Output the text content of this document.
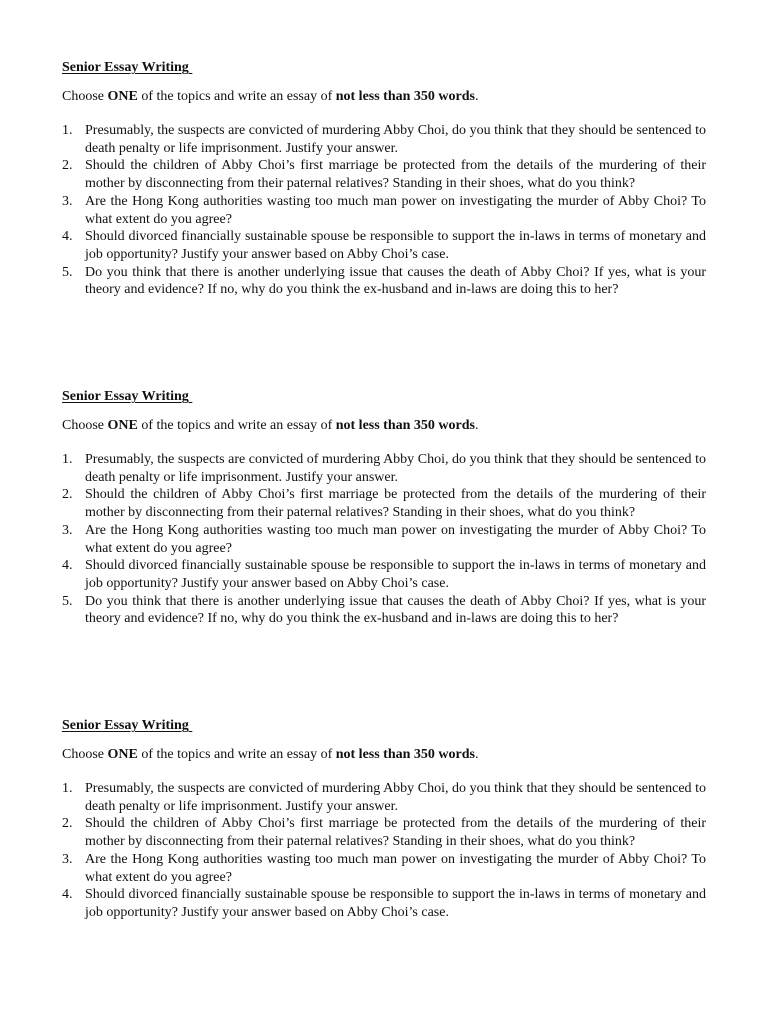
Senior Essay Writing

Choose ONE of the topics and write an essay of not less than 350 words.

1. Presumably, the suspects are convicted of murdering Abby Choi, do you think that they should be sentenced to death penalty or life imprisonment. Justify your answer.
2. Should the children of Abby Choi’s first marriage be protected from the details of the murdering of their mother by disconnecting from their paternal relatives? Standing in their shoes, what do you think?
3. Are the Hong Kong authorities wasting too much man power on investigating the murder of Abby Choi? To what extent do you agree?
4. Should divorced financially sustainable spouse be responsible to support the in-laws in terms of monetary and job opportunity? Justify your answer based on Abby Choi’s case.
5. Do you think that there is another underlying issue that causes the death of Abby Choi? If yes, what is your theory and evidence? If no, why do you think the ex-husband and in-laws are doing this to her?

Senior Essay Writing

Choose ONE of the topics and write an essay of not less than 350 words.

1. Presumably, the suspects are convicted of murdering Abby Choi, do you think that they should be sentenced to death penalty or life imprisonment. Justify your answer.
2. Should the children of Abby Choi’s first marriage be protected from the details of the murdering of their mother by disconnecting from their paternal relatives? Standing in their shoes, what do you think?
3. Are the Hong Kong authorities wasting too much man power on investigating the murder of Abby Choi? To what extent do you agree?
4. Should divorced financially sustainable spouse be responsible to support the in-laws in terms of monetary and job opportunity? Justify your answer based on Abby Choi’s case.
5. Do you think that there is another underlying issue that causes the death of Abby Choi? If yes, what is your theory and evidence? If no, why do you think the ex-husband and in-laws are doing this to her?

Senior Essay Writing

Choose ONE of the topics and write an essay of not less than 350 words.

1. Presumably, the suspects are convicted of murdering Abby Choi, do you think that they should be sentenced to death penalty or life imprisonment. Justify your answer.
2. Should the children of Abby Choi’s first marriage be protected from the details of the murdering of their mother by disconnecting from their paternal relatives? Standing in their shoes, what do you think?
3. Are the Hong Kong authorities wasting too much man power on investigating the murder of Abby Choi? To what extent do you agree?
4. Should divorced financially sustainable spouse be responsible to support the in-laws in terms of monetary and job opportunity? Justify your answer based on Abby Choi’s case.
